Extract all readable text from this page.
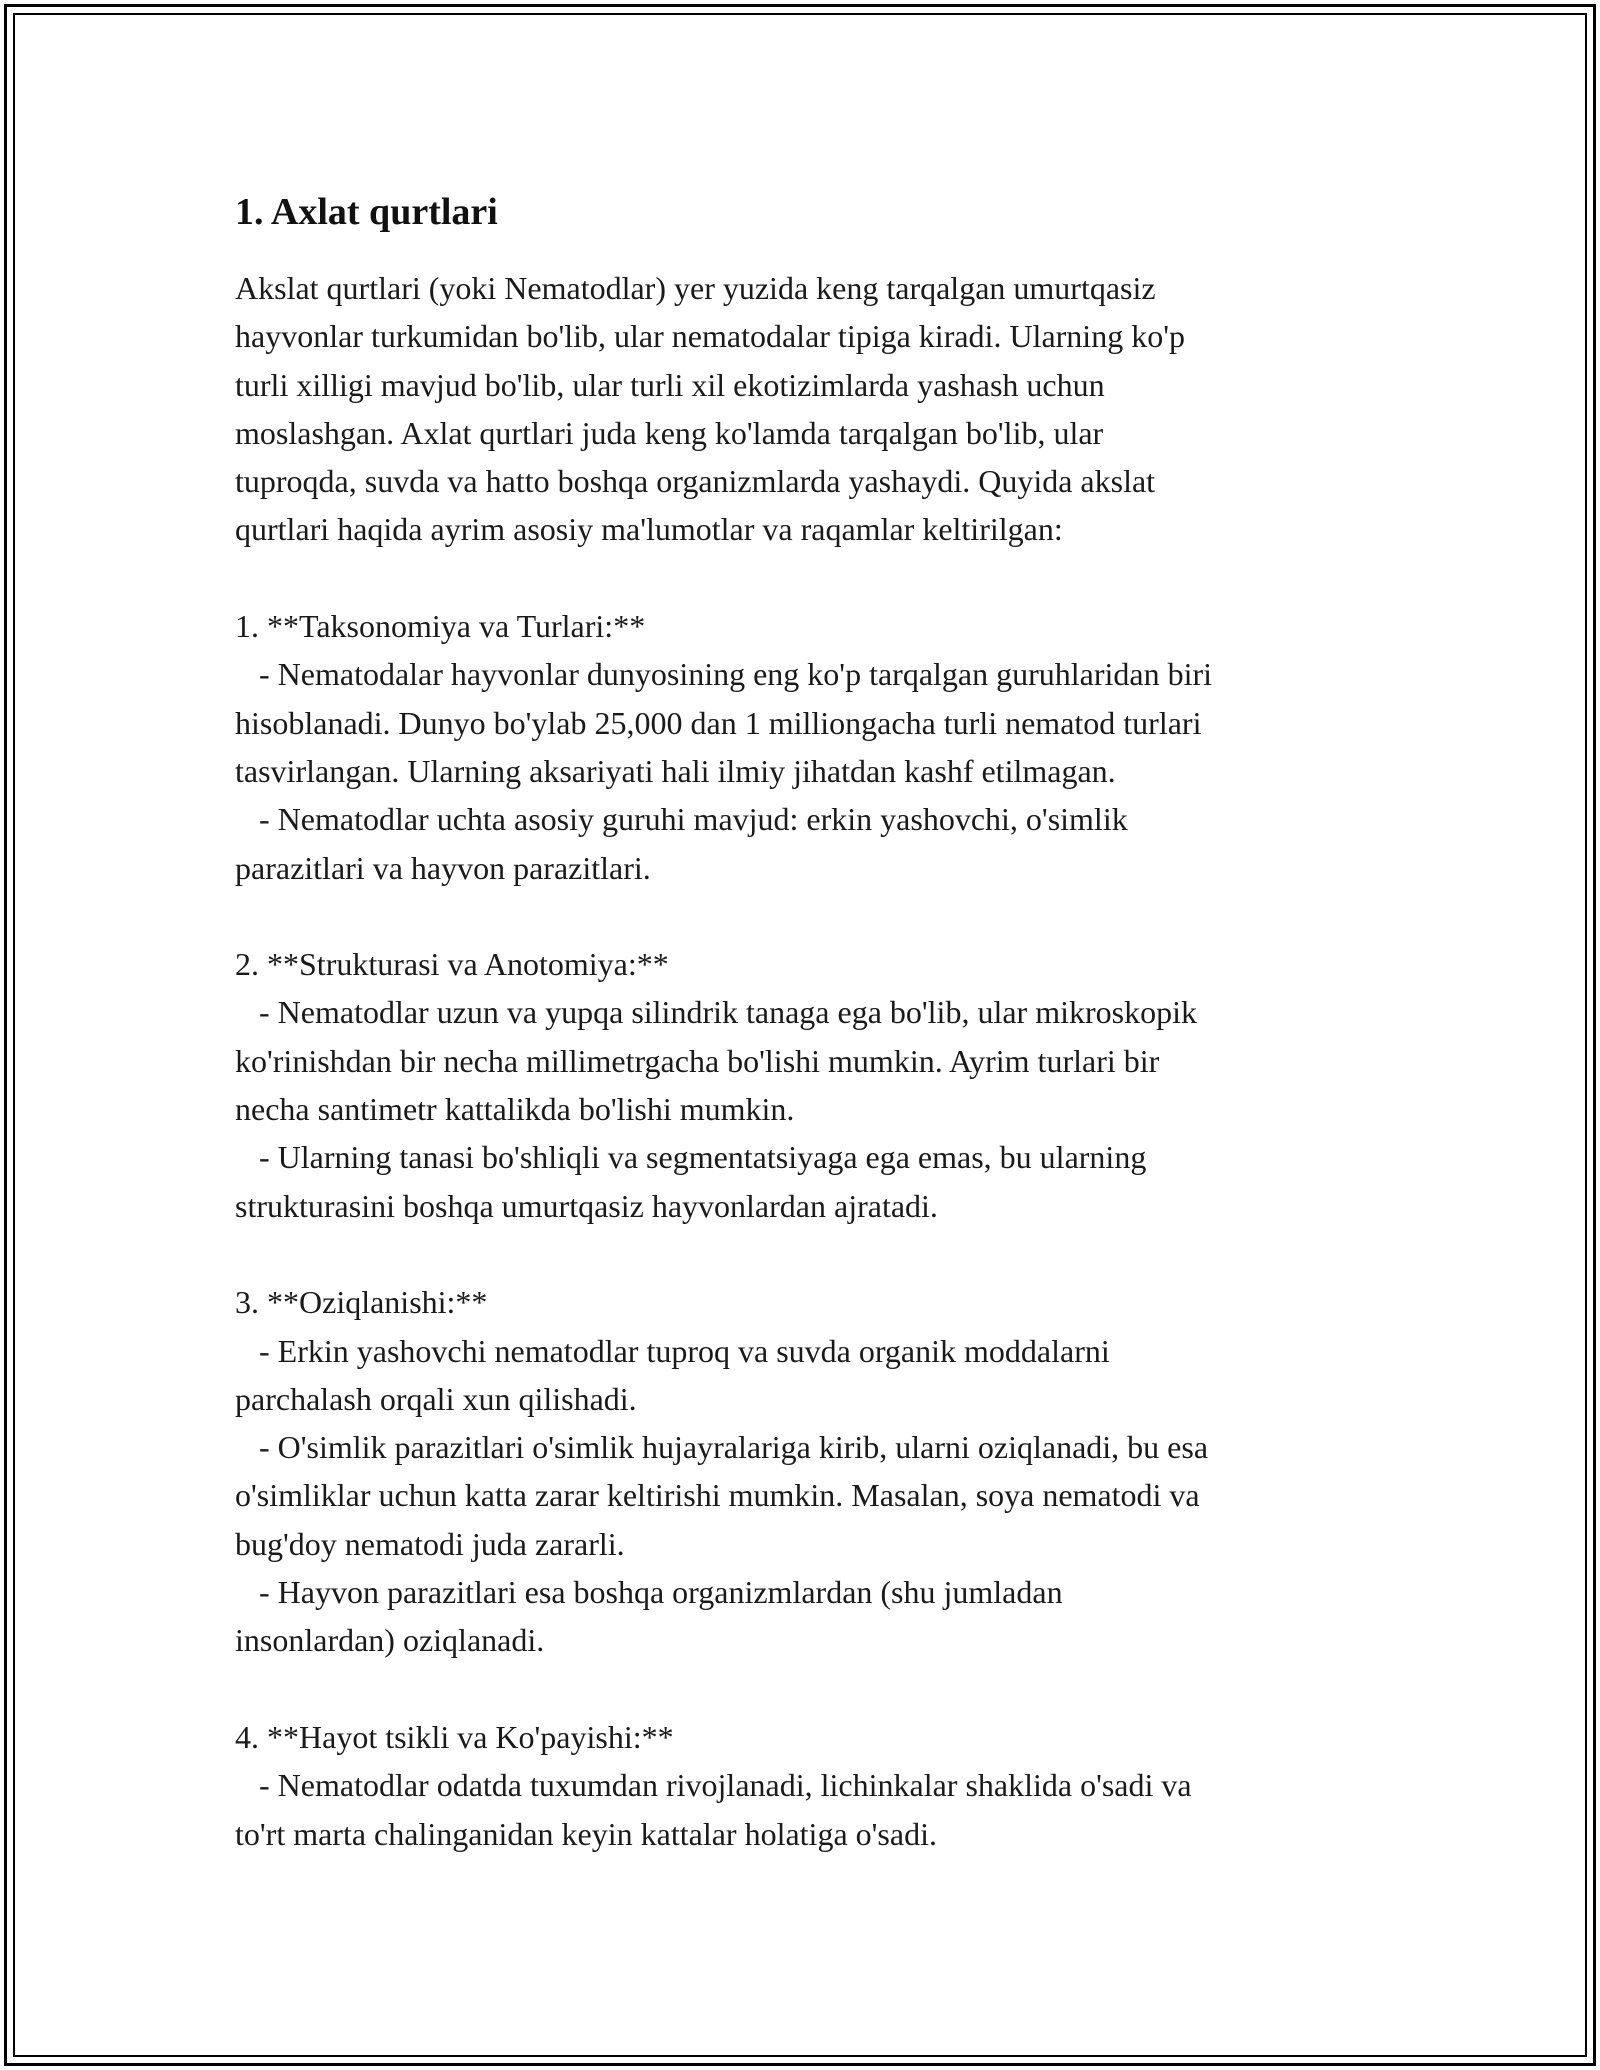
1. Axlat qurtlari

Akslat qurtlari (yoki Nematodlar) yer yuzida keng tarqalgan umurtqasiz
hayvonlar turkumidan bo'lib, ular nematodalar tipiga kiradi. Ularning ko'p
turli xilligi mavjud bo'lib, ular turli xil ekotizimlarda yashash uchun
moslashgan. Axlat qurtlari juda keng ko'lamda tarqalgan bo'lib, ular
tuproqda, suvda va hatto boshqa organizmlarda yashaydi. Quyida akslat
qurtlari haqida ayrim asosiy ma'lumotlar va raqamlar keltirilgan:

1. **Taksonomiya va Turlari:**
- Nematodalar hayvonlar dunyosining eng ko'p tarqalgan guruhlaridan biri
hisoblanadi. Dunyo bo'ylab 25,000 dan 1 milliongacha turli nematod turlari
tasvirlangan. Ularning aksariyati hali ilmiy jihatdan kashf etilmagan.
- Nematodlar uchta asosiy guruhi mavjud: erkin yashovchi, o'simlik
parazitlari va hayvon parazitlari.

2. **Strukturasi va Anotomiya:**
- Nematodlar uzun va yupqa silindrik tanaga ega bo'lib, ular mikroskopik
ko'rinishdan bir necha millimetrgacha bo'lishi mumkin. Ayrim turlari bir
necha santimetr kattalikda bo'lishi mumkin.
- Ularning tanasi bo'shliqli va segmentatsiyaga ega emas, bu ularning
strukturasini boshqa umurtqasiz hayvonlardan ajratadi.

3. **Oziqlanishi:**
- Erkin yashovchi nematodlar tuproq va suvda organik moddalarni
parchalash orqali xun qilishadi.
- O'simlik parazitlari o'simlik hujayralariga kirib, ularni oziqlanadi, bu esa
o'simliklar uchun katta zarar keltirishi mumkin. Masalan, soya nematodi va
bug'doy nematodi juda zararli.
- Hayvon parazitlari esa boshqa organizmlardan (shu jumladan
insonlardan) oziqlanadi.

4. **Hayot tsikli va Ko'payishi:**
- Nematodlar odatda tuxumdan rivojlanadi, lichinkalar shaklida o'sadi va
to'rt marta chalinganidan keyin kattalar holatiga o'sadi.
